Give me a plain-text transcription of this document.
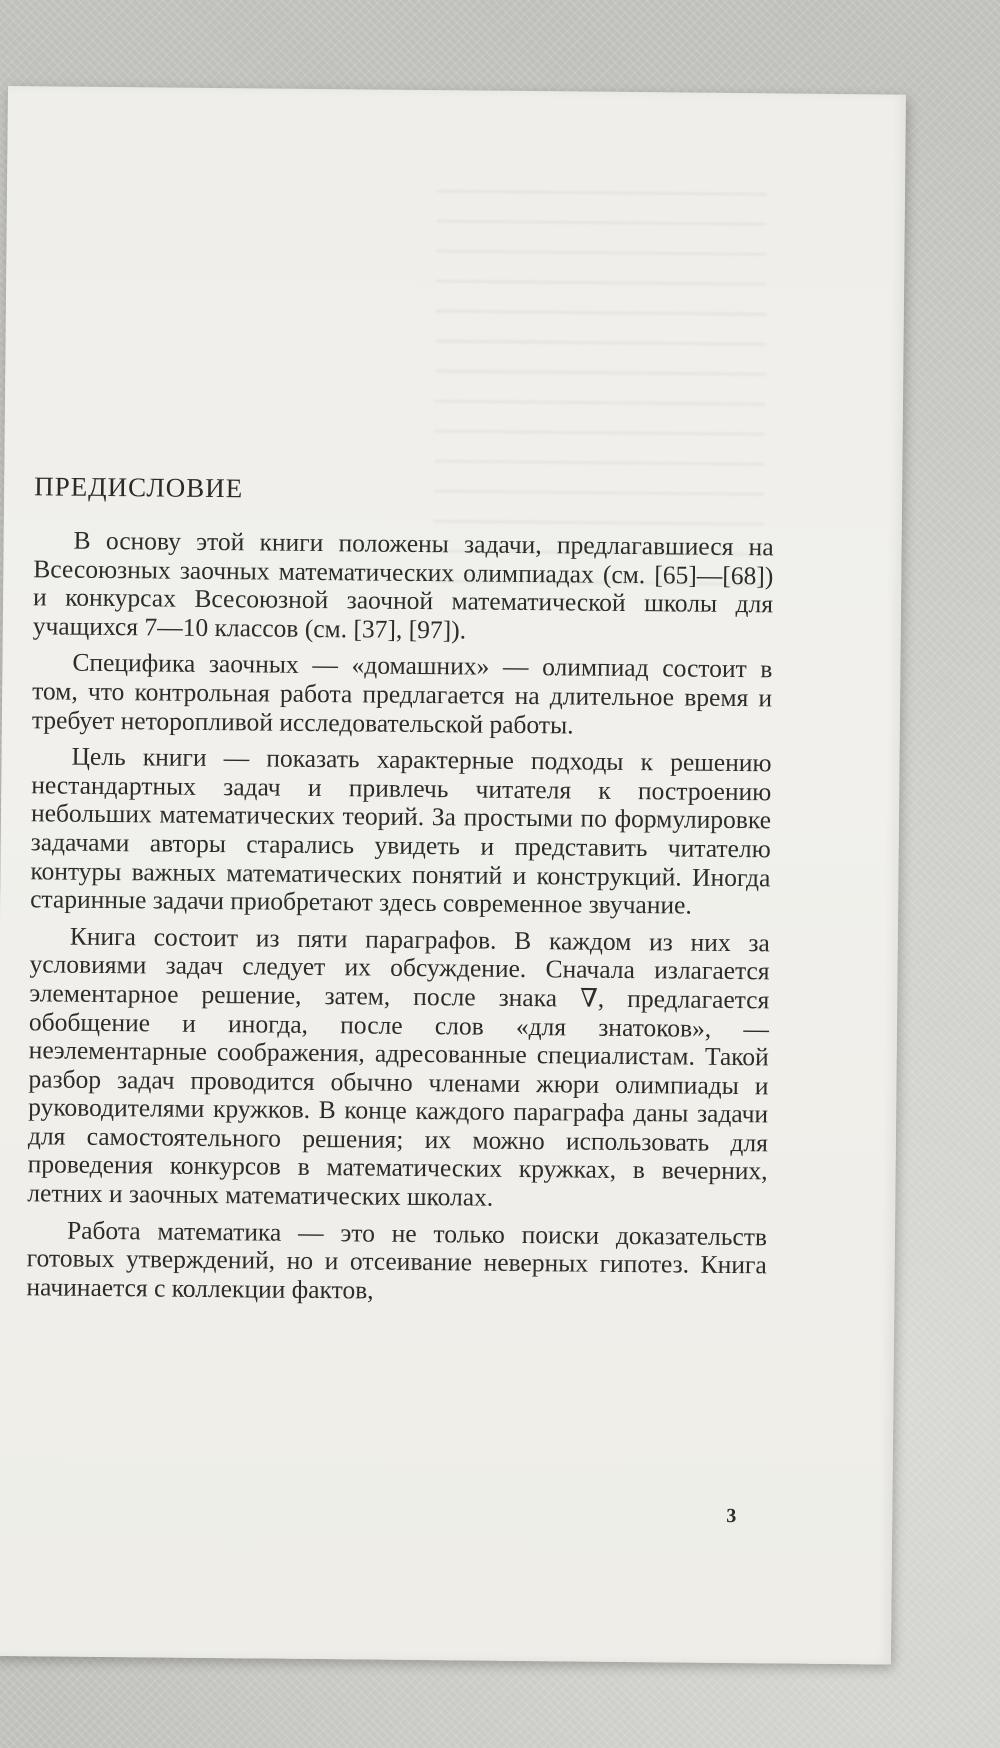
ПРЕДИСЛОВИЕ

В основу этой книги положены задачи, предлагавшиеся на Всесоюзных заочных математических олимпиадах (см. [65]—[68]) и конкурсах Всесоюзной заочной математической школы для учащихся 7—10 классов (см. [37], [97]).

Специфика заочных — «домашних» — олимпиад состоит в том, что контрольная работа предлагается на длительное время и требует неторопливой исследовательской работы.

Цель книги — показать характерные подходы к решению нестандартных задач и привлечь читателя к построению небольших математических теорий. За простыми по формулировке задачами авторы старались увидеть и представить читателю контуры важных математических понятий и конструкций. Иногда старинные задачи приобретают здесь современное звучание.

Книга состоит из пяти параграфов. В каждом из них за условиями задач следует их обсуждение. Сначала излагается элементарное решение, затем, после знака ∇, предлагается обобщение и иногда, после слов «для знатоков», — неэлементарные соображения, адресованные специалистам. Такой разбор задач проводится обычно членами жюри олимпиады и руководителями кружков. В конце каждого параграфа даны задачи для самостоятельного решения; их можно использовать для проведения конкурсов в математических кружках, в вечерних, летних и заочных математических школах.

Работа математика — это не только поиски доказательств готовых утверждений, но и отсеивание неверных гипотез. Книга начинается с коллекции фактов,

3
